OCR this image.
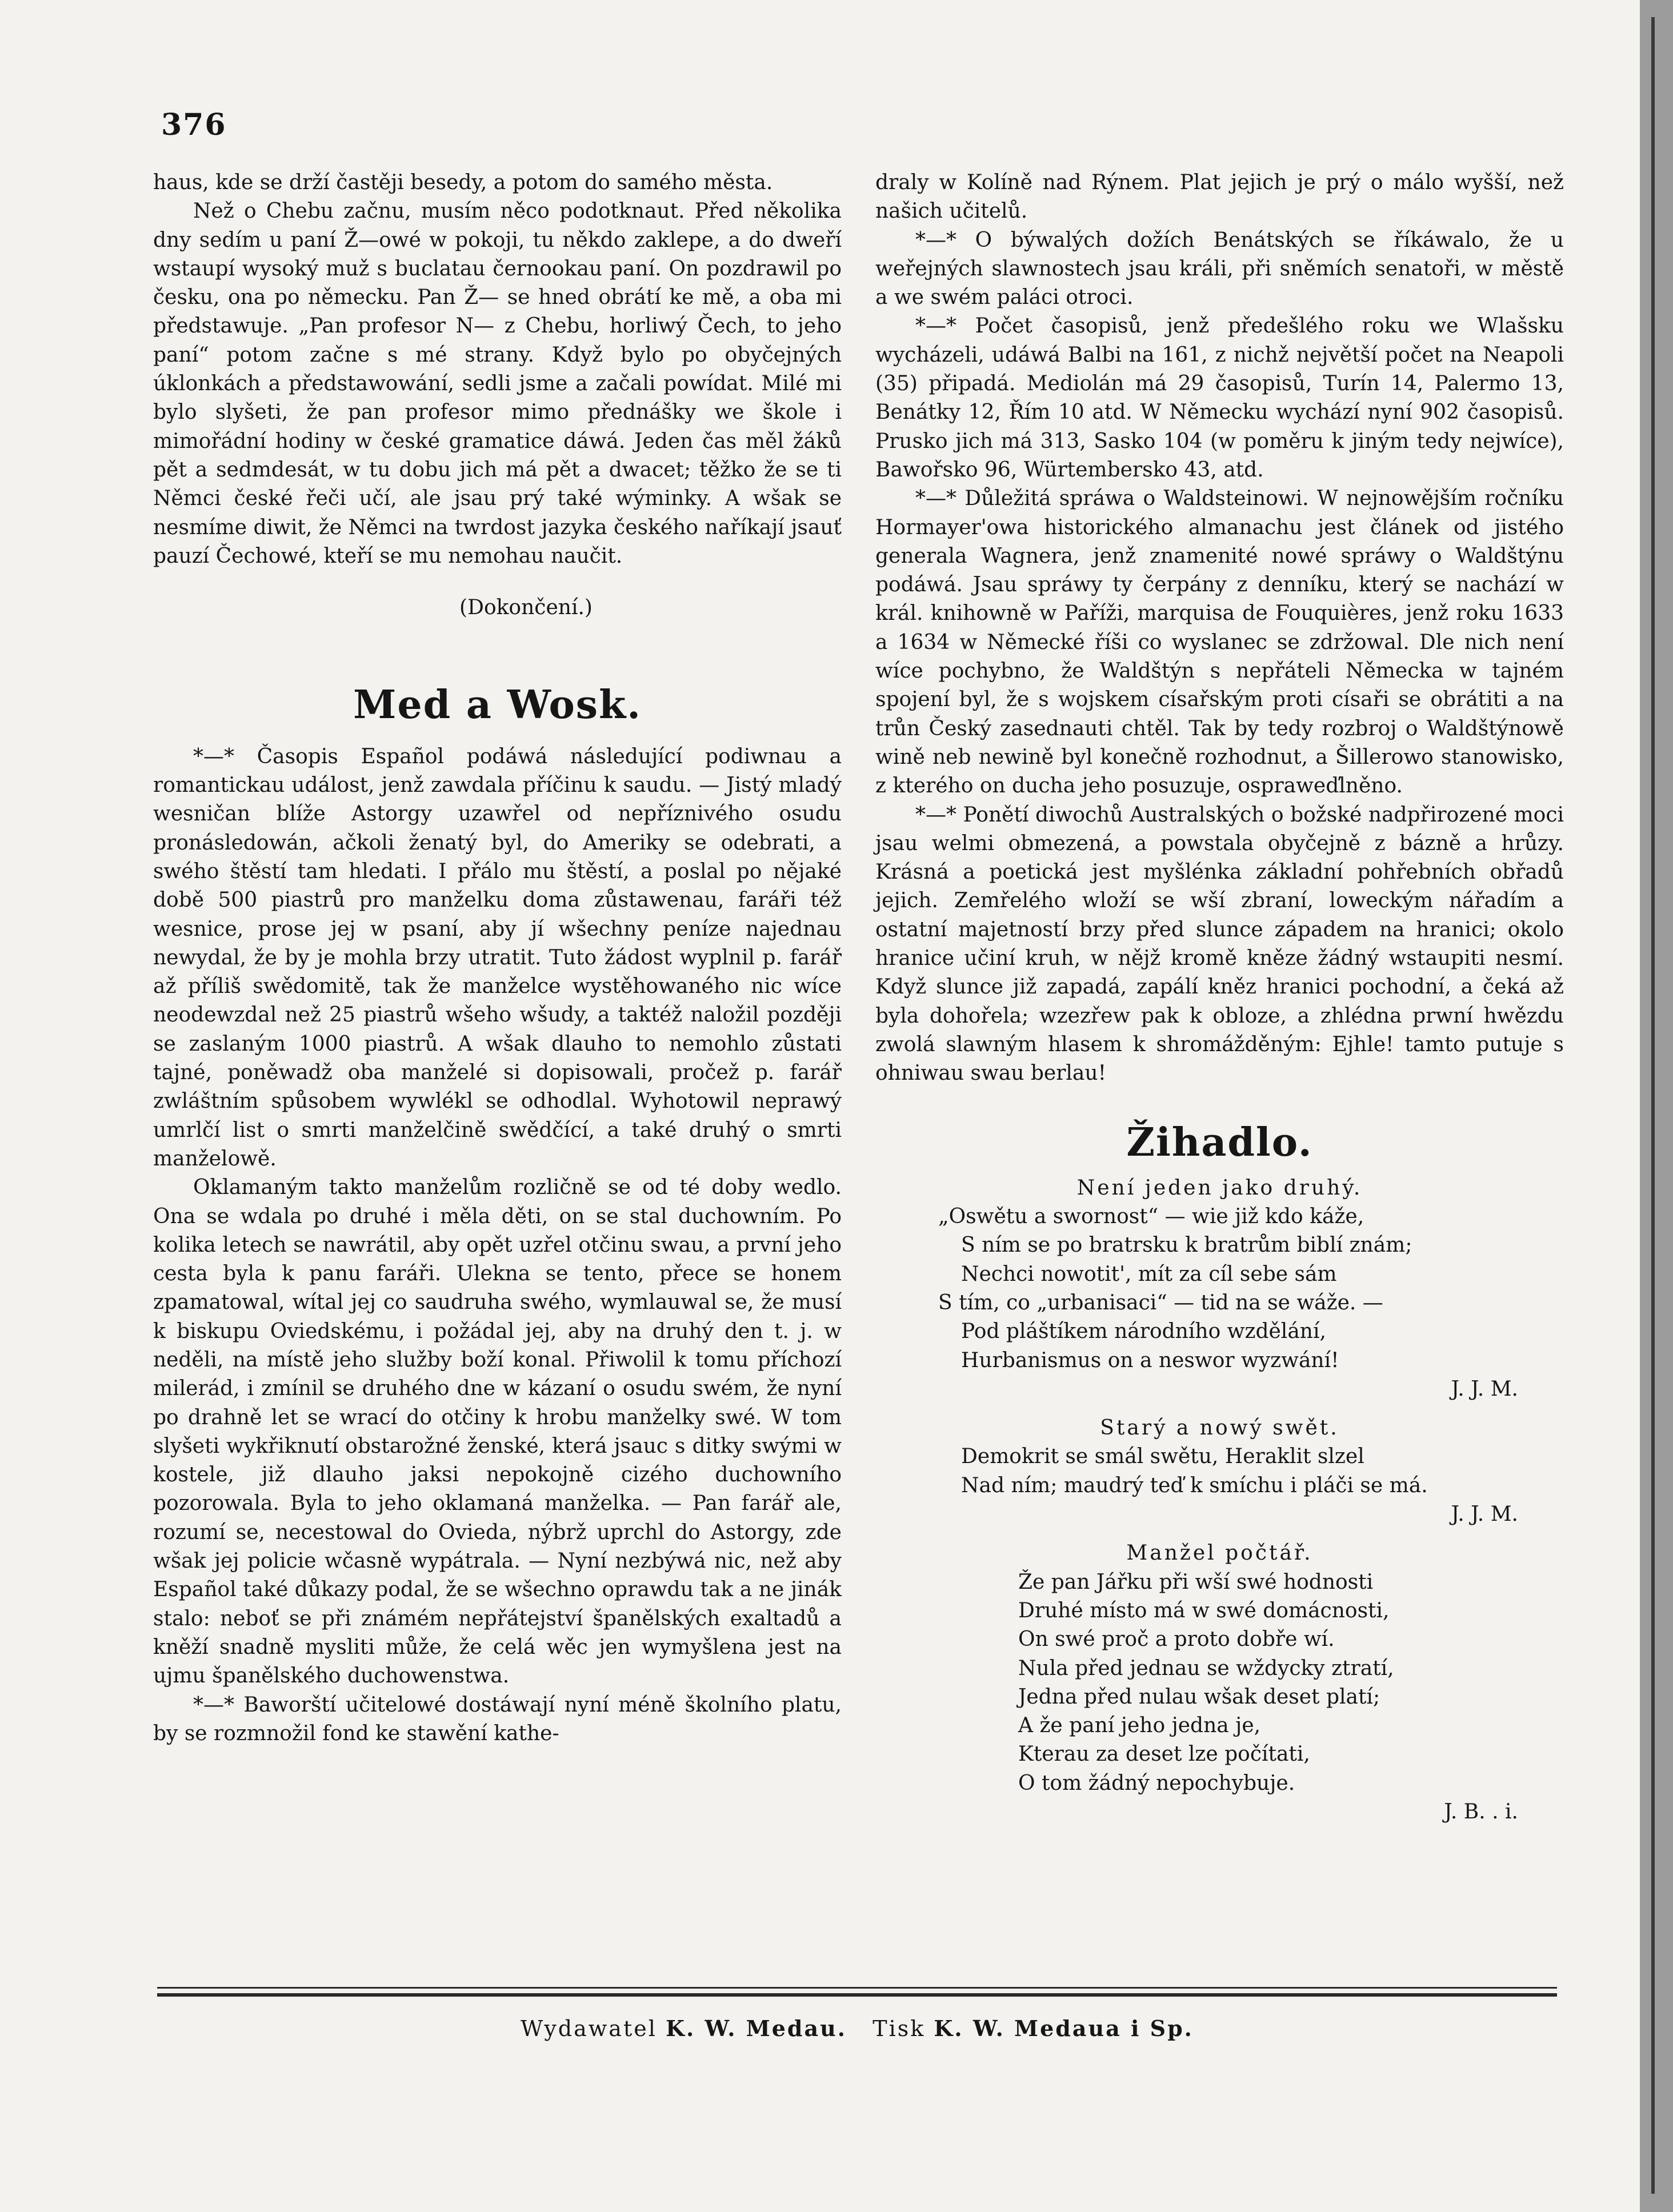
376

haus, kde se drží častěji besedy, a potom do samého města.

Než o Chebu začnu, musím něco podotknaut. Před několika dny sedím u paní Ž—owé w pokoji, tu někdo zaklepe, a do dweří wstaupí wysoký muž s buclatau černookau paní. On pozdrawil po česku, ona po německu. Pan Ž— se hned obrátí ke mě, a oba mi předstawuje. „Pan profesor N— z Chebu, horliwý Čech, to jeho paní“ potom začne s mé strany. Když bylo po obyčejných úklonkách a předstawowání, sedli jsme a začali powídat. Milé mi bylo slyšeti, že pan profesor mimo přednášky we škole i mimořádní hodiny w české gramatice dáwá. Jeden čas měl žáků pět a sedmdesát, w tu dobu jich má pět a dwacet; těžko že se ti Němci české řeči učí, ale jsau prý také wýminky. A wšak se nesmíme diwit, že Němci na twrdost jazyka českého naříkají jsauť pauzí Čechowé, kteří se mu nemohau naučit.

(Dokončení.)

Med a Wosk.

*—* Časopis Español podáwá následující podiwnau a romantickau událost, jenž zawdala příčinu k saudu. — Jistý mladý wesničan blíže Astorgy uzawřel od nepříznivého osudu pronásledowán, ačkoli ženatý byl, do Ameriky se odebrati, a swého štěstí tam hledati. I přálo mu štěstí, a poslal po nějaké době 500 piastrů pro manželku doma zůstawenau, faráři též wesnice, prose jej w psaní, aby jí wšechny peníze najednau newydal, že by je mohla brzy utratit. Tuto žádost wyplnil p. farář až příliš swědomitě, tak že manželce wystěhowaného nic wíce neodewzdal než 25 piastrů wšeho wšudy, a taktéž naložil později se zaslaným 1000 piastrů. A wšak dlauho to nemohlo zůstati tajné, poněwadž oba manželé si dopisowali, pročež p. farář zwláštním spůsobem wywlékl se odhodlal. Wyhotowil neprawý umrlčí list o smrti manželčině swědčící, a také druhý o smrti manželowě.

Oklamaným takto manželům rozličně se od té doby wedlo. Ona se wdala po druhé i měla děti, on se stal duchowním. Po kolika letech se nawrátil, aby opět uzřel otčinu swau, a první jeho cesta byla k panu faráři. Ulekna se tento, přece se honem zpamatowal, wítal jej co saudruha swého, wymlauwal se, že musí k biskupu Oviedskému, i požádal jej, aby na druhý den t. j. w neděli, na místě jeho služby boží konal. Přiwolil k tomu příchozí milerád, i zmínil se druhého dne w kázaní o osudu swém, že nyní po drahně let se wrací do otčiny k hrobu manželky swé. W tom slyšeti wykřiknutí obstarožné ženské, která jsauc s ditky swými w kostele, již dlauho jaksi nepokojně cizého duchowního pozorowala. Byla to jeho oklamaná manželka. — Pan farář ale, rozumí se, necestowal do Ovieda, nýbrž uprchl do Astorgy, zde wšak jej policie wčasně wypátrala. — Nyní nezbýwá nic, než aby Español také důkazy podal, že se wšechno oprawdu tak a ne jinák stalo: neboť se při známém nepřátejství španělských exaltadů a kněží snadně mysliti může, že celá wěc jen wymyšlena jest na ujmu španělského duchowenstwa.

*—* Baworští učitelowé dostáwají nyní méně školního platu, by se rozmnožil fond ke stawění kathe-

draly w Kolíně nad Rýnem. Plat jejich je prý o málo wyšší, než našich učitelů.

*—* O býwalých dožích Benátských se říkáwalo, že u weřejných slawnostech jsau králi, při sněmích senatoři, w městě a we swém paláci otroci.

*—* Počet časopisů, jenž předešlého roku we Wlašsku wycházeli, udáwá Balbi na 161, z nichž největší počet na Neapoli (35) připadá. Mediolán má 29 časopisů, Turín 14, Palermo 13, Benátky 12, Řím 10 atd. W Německu wychází nyní 902 časopisů. Prusko jich má 313, Sasko 104 (w poměru k jiným tedy nejwíce), Bawořsko 96, Würtembersko 43, atd.

*—* Důležitá spráwa o Waldsteinowi. W nejnowějším ročníku Hormayer'owa historického almanachu jest článek od jistého generala Wagnera, jenž znamenité nowé spráwy o Waldštýnu podáwá. Jsau spráwy ty čerpány z denníku, který se nachází w král. knihowně w Paříži, marquisa de Fouquières, jenž roku 1633 a 1634 w Německé říši co wyslanec se zdržowal. Dle nich není wíce pochybno, že Waldštýn s nepřáteli Německa w tajném spojení byl, že s wojskem císařským proti císaři se obrátiti a na trůn Český zasednauti chtěl. Tak by tedy rozbroj o Waldštýnowě wině neb newině byl konečně rozhodnut, a Šillerowo stanowisko, z kterého on ducha jeho posuzuje, ospraweďlněno.

*—* Ponětí diwochů Australských o božské nadpřirozené moci jsau welmi obmezená, a powstala obyčejně z bázně a hrůzy. Krásná a poetická jest myšlénka základní pohřebních obřadů jejich. Zemřelého wloží se wší zbraní, loweckým nářadím a ostatní majetností brzy před slunce západem na hranici; okolo hranice učiní kruh, w nějž kromě kněze žádný wstaupiti nesmí. Když slunce již zapadá, zapálí kněz hranici pochodní, a čeká až byla dohořela; wzezřew pak k obloze, a zhlédna prwní hwězdu zwolá slawným hlasem k shromážděným: Ejhle! tamto putuje s ohniwau swau berlau!

Žihadlo.

Není jeden jako druhý.

„Oswětu a swornost“ — wie již kdo káže,

S ním se po bratrsku k bratrům biblí znám;

Nechci nowotit', mít za cíl sebe sám

S tím, co „urbanisaci“ — tid na se wáže. —

Pod pláštíkem národního wzdělání,

Hurbanismus on a neswor wyzwání!

J. J. M.

Starý a nowý swět.

Demokrit se smál swětu, Heraklit slzel

Nad ním; maudrý teď k smíchu i pláči se má.

J. J. M.

Manžel počtář.

Že pan Jářku při wší swé hodnosti

Druhé místo má w swé domácnosti,

On swé proč a proto dobře wí.

Nula před jednau se wždycky ztratí,

Jedna před nulau wšak deset platí;

A že paní jeho jedna je,

Kterau za deset lze počítati,

O tom žádný nepochybuje.

J. B. . i.

Wydawatel K. W. Medau. Tisk K. W. Medaua i Sp.
